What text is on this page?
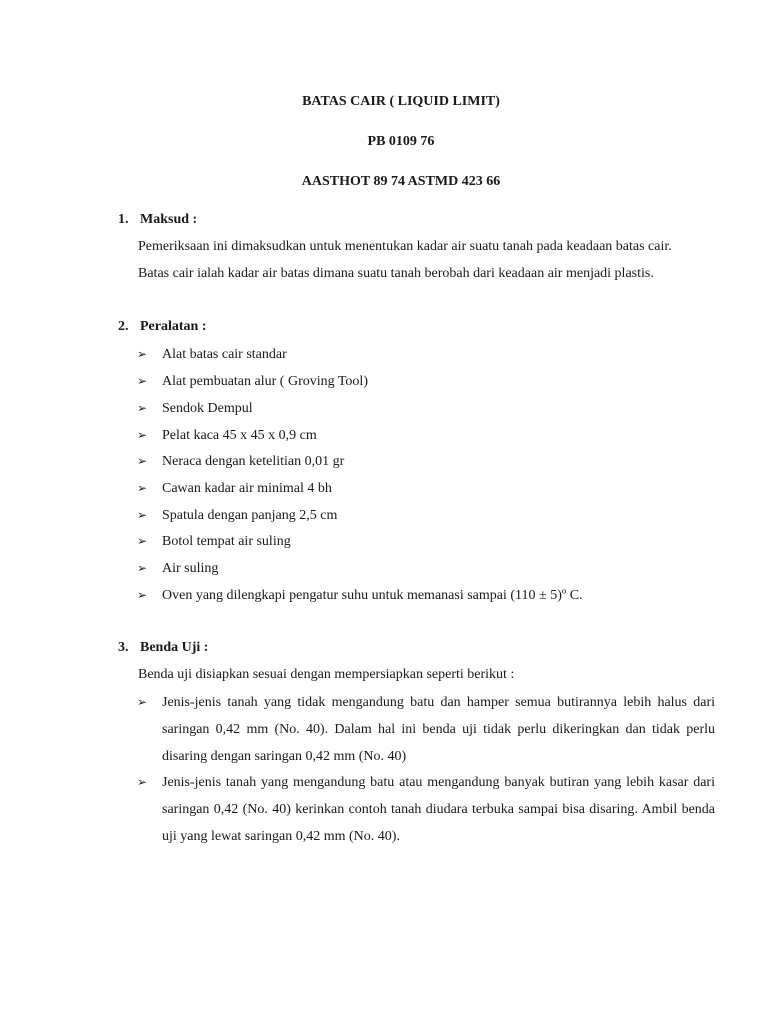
BATAS CAIR ( LIQUID LIMIT)
PB 0109 76
AASTHOT 89 74 ASTMD 423 66
1. Maksud :
Pemeriksaan ini dimaksudkan untuk menentukan kadar air suatu tanah pada keadaan batas cair.
Batas cair ialah kadar air batas dimana suatu tanah berobah dari keadaan air menjadi plastis.
2. Peralatan :
➢	Alat batas cair standar
➢	Alat pembuatan alur ( Groving Tool)
➢	Sendok Dempul
➢	Pelat kaca 45 x 45 x 0,9 cm
➢	Neraca dengan ketelitian 0,01 gr
➢	Cawan kadar air minimal 4 bh
➢	Spatula dengan panjang 2,5 cm
➢	Botol tempat air suling
➢	Air suling
➢	Oven yang dilengkapi pengatur suhu untuk memanasi sampai (110 ± 5)º C.
3. Benda Uji :
Benda uji disiapkan sesuai dengan mempersiapkan seperti berikut :
➢	Jenis-jenis tanah yang tidak mengandung batu dan hamper semua butirannya lebih halus dari saringan 0,42 mm (No. 40). Dalam hal ini benda uji tidak perlu dikeringkan dan tidak perlu disaring dengan saringan 0,42 mm (No. 40)
➢	Jenis-jenis tanah yang mengandung batu atau mengandung banyak butiran yang lebih kasar dari saringan 0,42 (No. 40) kerinkan contoh tanah diudara terbuka sampai bisa disaring. Ambil benda uji yang lewat saringan 0,42 mm (No. 40).
